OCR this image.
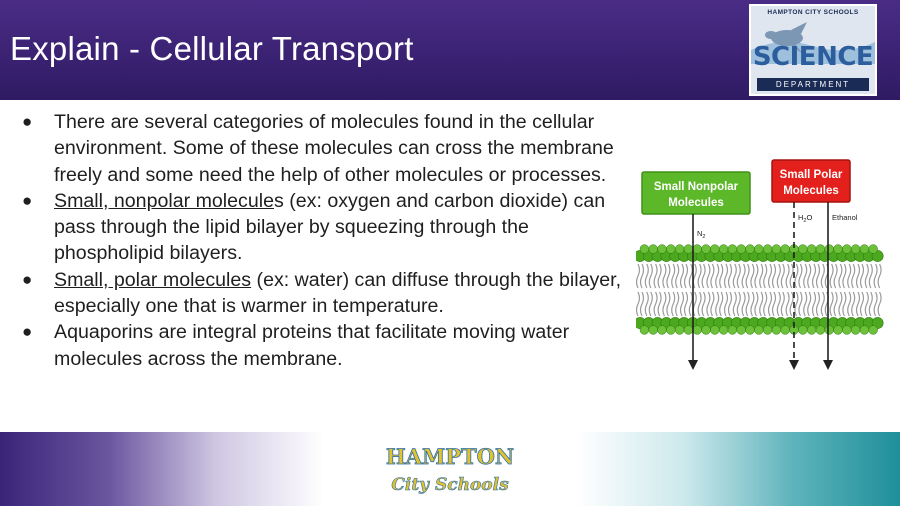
Explain - Cellular Transport
HAMPTON CITY SCHOOLS
SCIENCE
DEPARTMENT
● There are several categories of molecules found in the cellular environment. Some of these molecules can cross the membrane freely and some need the help of other molecules or processes.
● Small, nonpolar molecules (ex: oxygen and carbon dioxide) can pass through the lipid bilayer by squeezing through the phospholipid bilayers.
● Small, polar molecules (ex: water) can diffuse through the bilayer, especially one that is warmer in temperature.
● Aquaporins are integral proteins that facilitate moving water molecules across the membrane.
Small Nonpolar
Molecules
Small Polar
Molecules
$N_2$
$H_2O$	Ethanol
HAMPTON
City Schools
